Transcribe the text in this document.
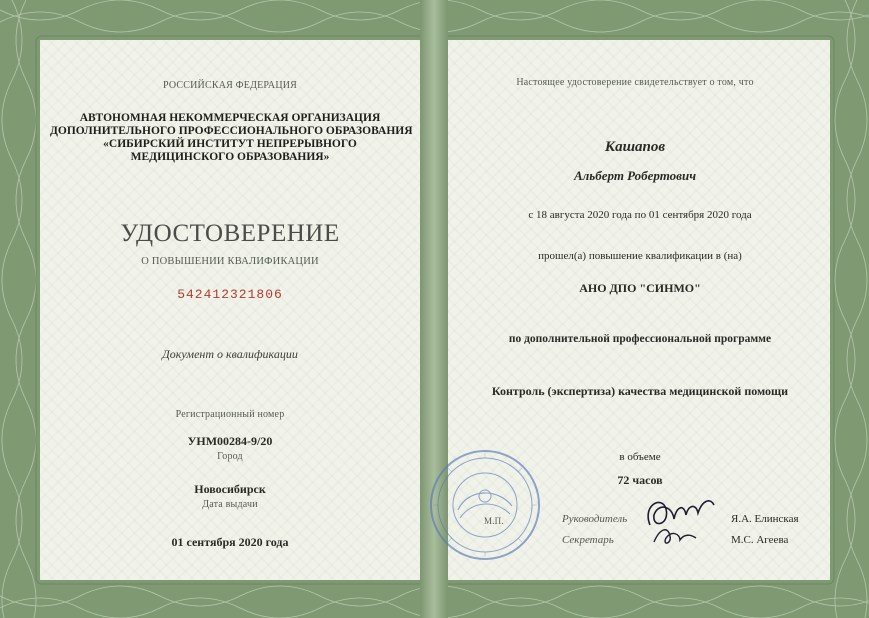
РОССИЙСКАЯ ФЕДЕРАЦИЯ
АВТОНОМНАЯ НЕКОММЕРЧЕСКАЯ ОРГАНИЗАЦИЯ
ДОПОЛНИТЕЛЬНОГО ПРОФЕССИОНАЛЬНОГО ОБРАЗОВАНИЯ
«СИБИРСКИЙ ИНСТИТУТ НЕПРЕРЫВНОГО
МЕДИЦИНСКОГО ОБРАЗОВАНИЯ»
УДОСТОВЕРЕНИЕ
О ПОВЫШЕНИИ КВАЛИФИКАЦИИ
542412321806
Документ о квалификации
Регистрационный номер
УНМ00284-9/20
Город
Новосибирск
Дата выдачи
01 сентября 2020 года
Настоящее удостоверение свидетельствует о том, что
Кашапов
Альберт Робертович
с 18 августа 2020 года по 01 сентября 2020 года
прошел(а) повышение квалификации в (на)
АНО ДПО "СИНМО"
по дополнительной профессиональной программе
Контроль (экспертиза) качества медицинской помощи
в объеме
72 часов
М.П.	Руководитель
Секретарь
Я.А. Елинская
М.С. Агеева
